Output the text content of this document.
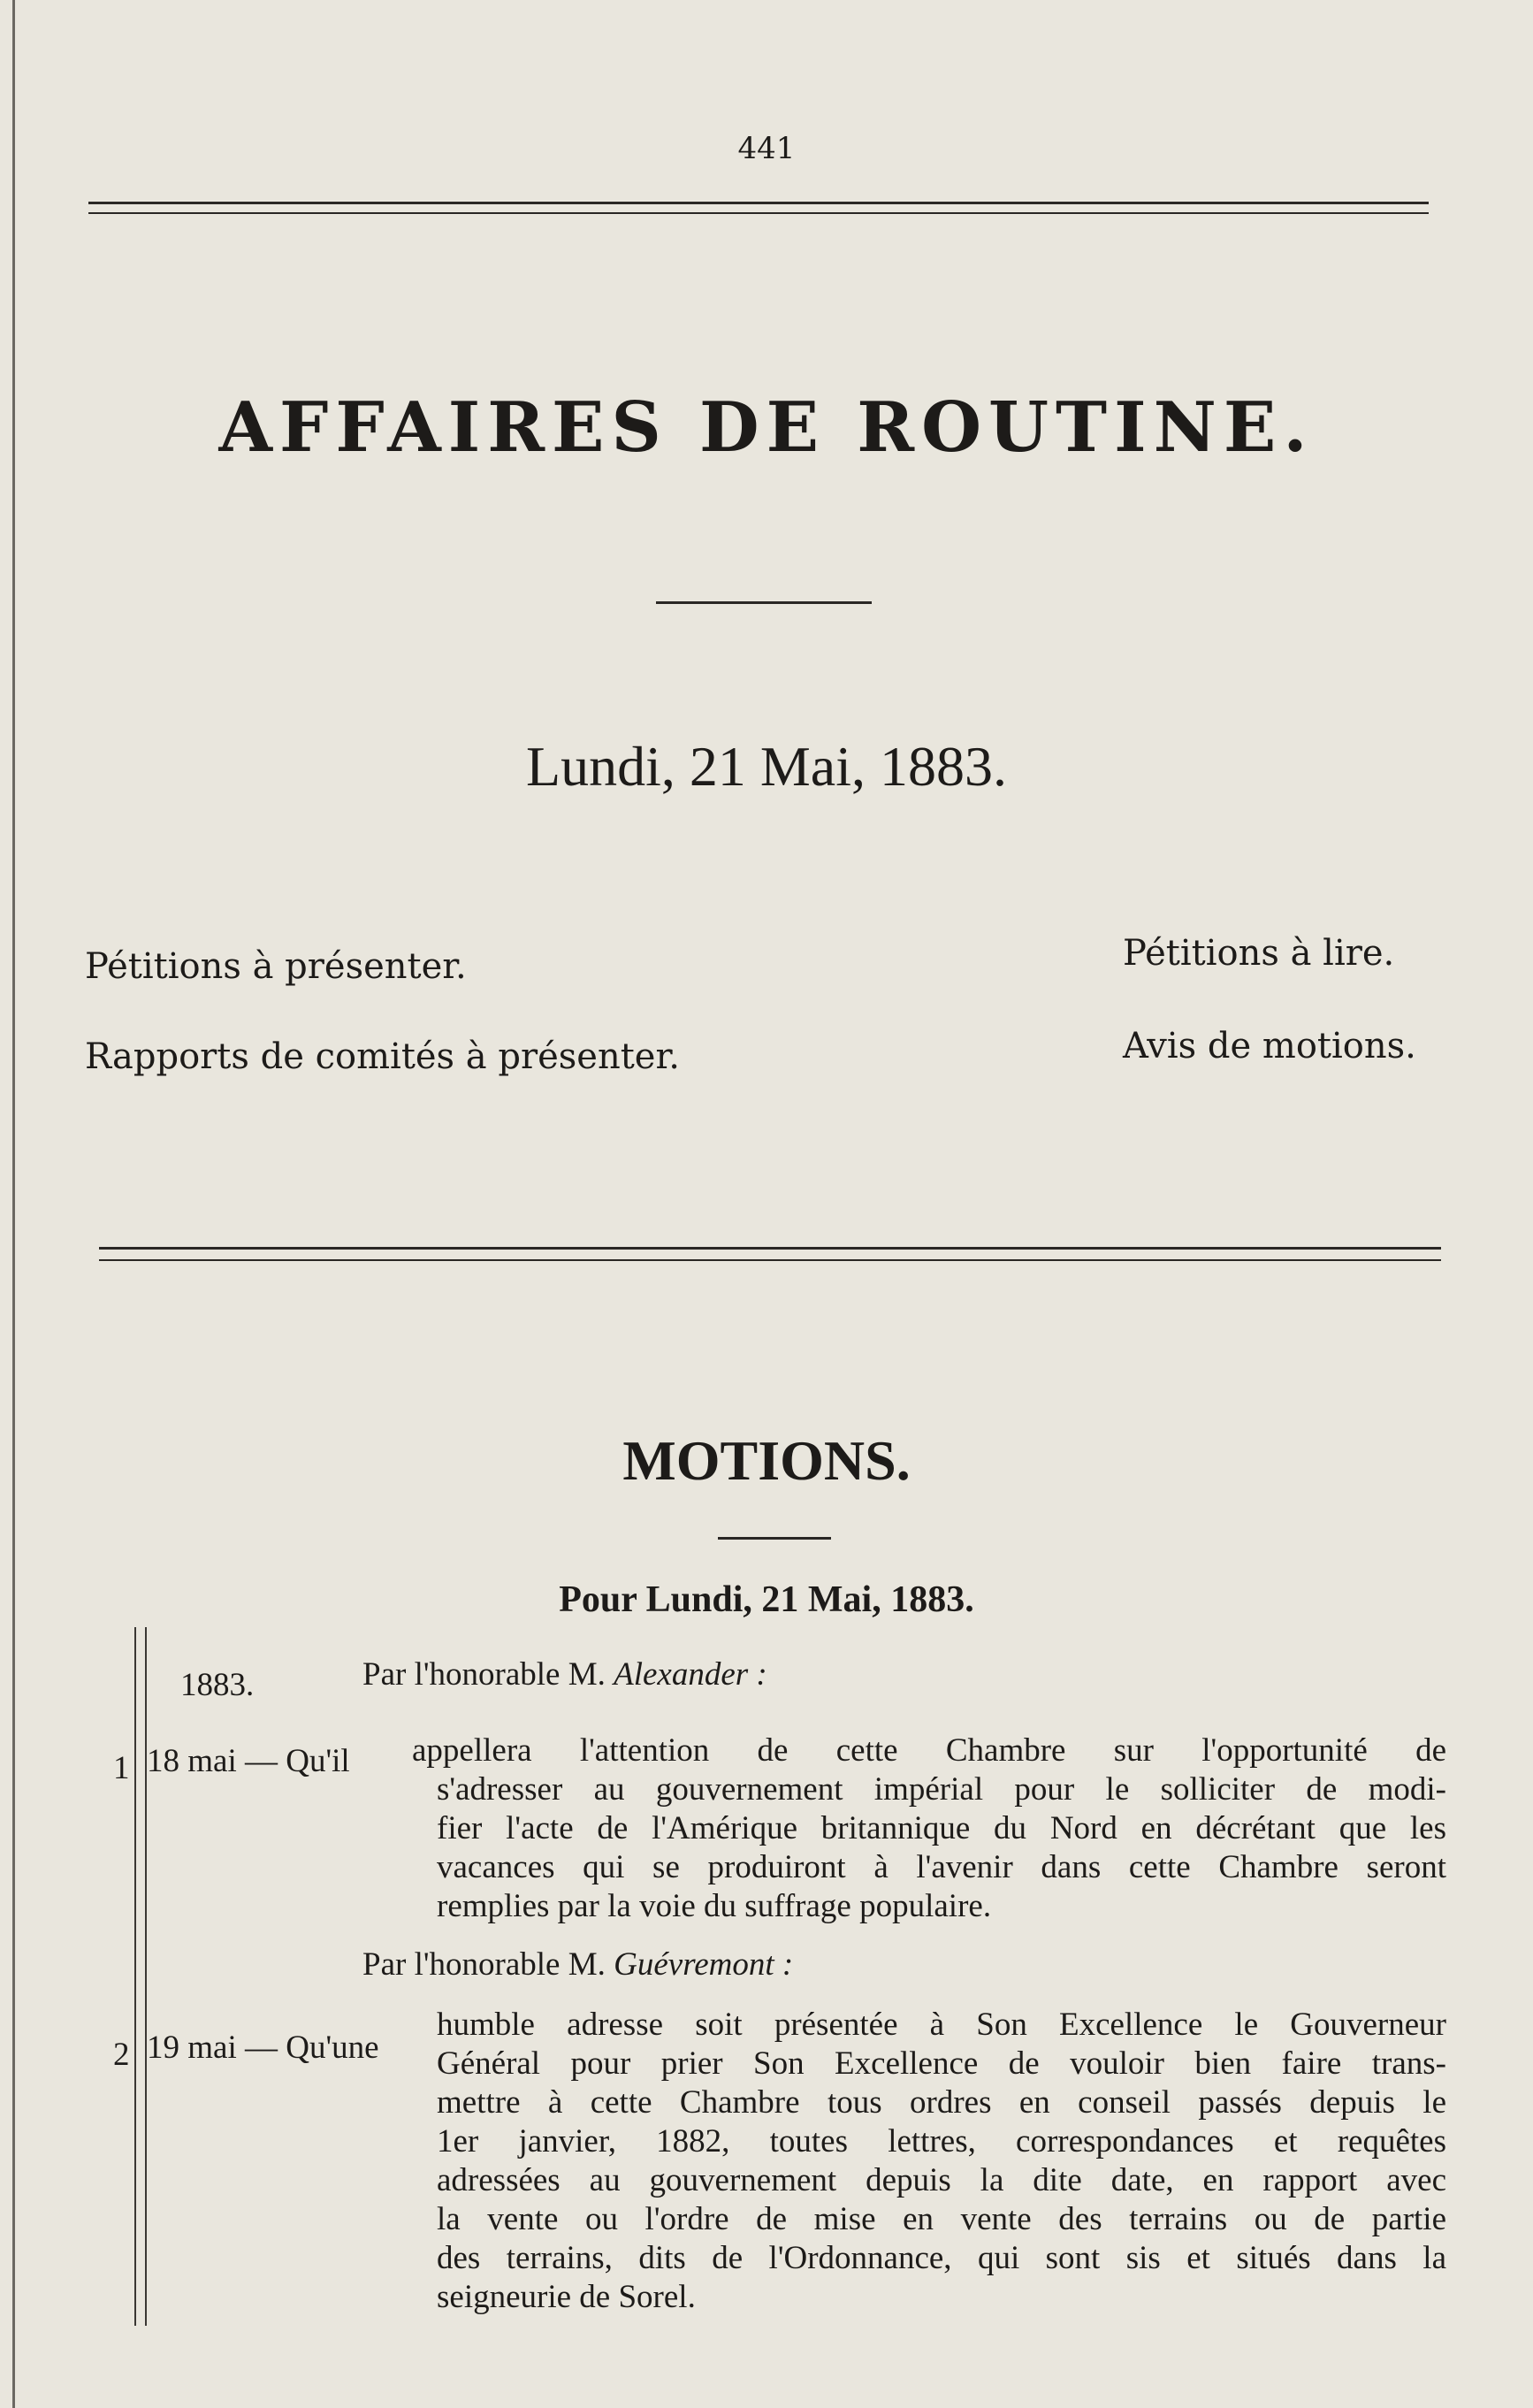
441
AFFAIRES DE ROUTINE.
Lundi, 21 Mai, 1883.
Pétitions à présenter.
Rapports de comités à présenter.
Pétitions à lire.
Avis de motions.
MOTIONS.
Pour Lundi, 21 Mai, 1883.
1883.	Par l'honorable M. Alexander :
1 18 mai — Qu'il appellera l'attention de cette Chambre sur l'opportunité de
s'adresser au gouvernement impérial pour le solliciter de modi-
fier l'acte de l'Amérique britannique du Nord en décrétant que les
vacances qui se produiront à l'avenir dans cette Chambre seront
remplies par la voie du suffrage populaire.
Par l'honorable M. Guévremont :
2 19 mai — Qu'une
humble adresse soit présentée à Son Excellence le Gouverneur
Général pour prier Son Excellence de vouloir bien faire trans-
mettre à cette Chambre tous ordres en conseil passés depuis le
1er janvier, 1882, toutes lettres, correspondances et requêtes
adressées au gouvernement depuis la dite date, en rapport avec
la vente ou l'ordre de mise en vente des terrains ou de partie
des terrains, dits de l'Ordonnance, qui sont sis et situés dans la
seigneurie de Sorel.
